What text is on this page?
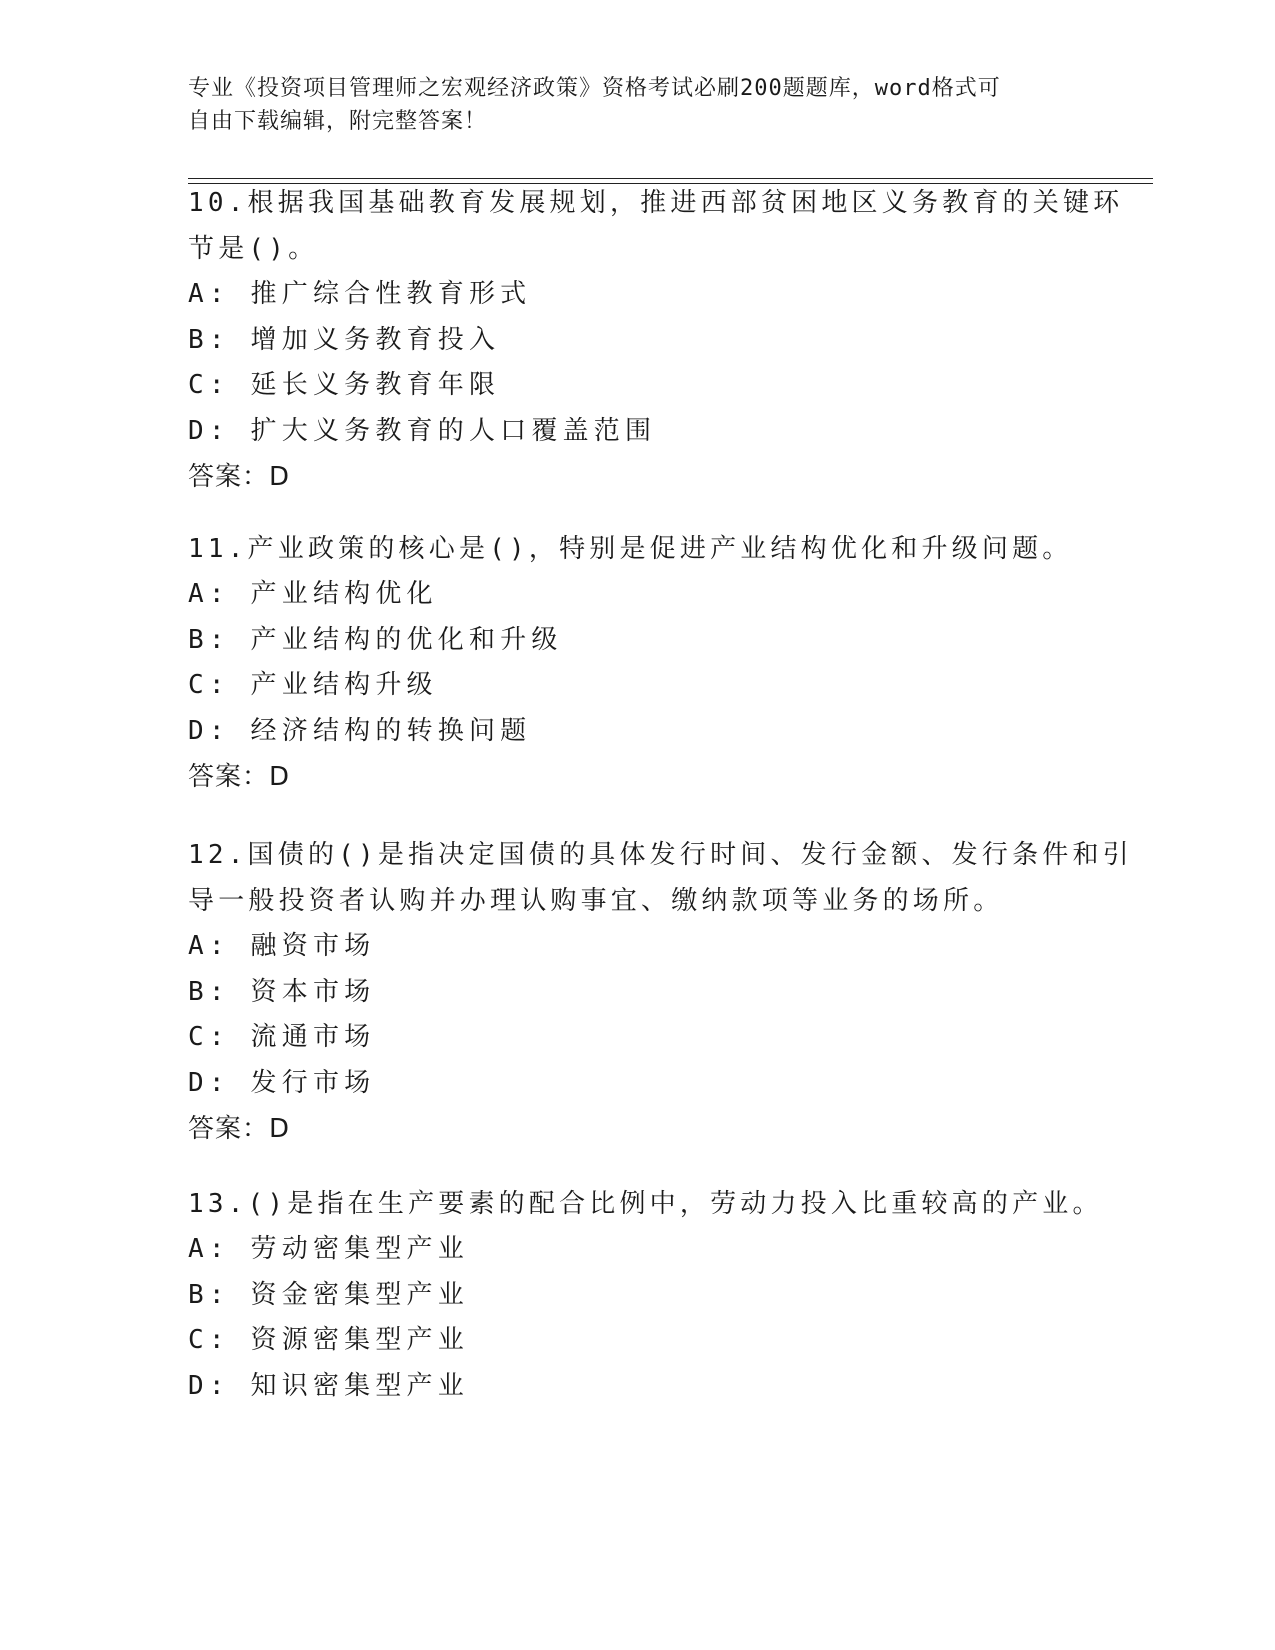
专业《投资项目管理师之宏观经济政策》资格考试必刷200题题库，word格式可
自由下载编辑，附完整答案！
10.根据我国基础教育发展规划，推进西部贫困地区义务教育的关键环
节是()。
A: 推广综合性教育形式
B: 增加义务教育投入
C: 延长义务教育年限
D: 扩大义务教育的人口覆盖范围
答案：D
11.产业政策的核心是()，特别是促进产业结构优化和升级问题。
A: 产业结构优化
B: 产业结构的优化和升级
C: 产业结构升级
D: 经济结构的转换问题
答案：D
12.国债的()是指决定国债的具体发行时间、发行金额、发行条件和引
导一般投资者认购并办理认购事宜、缴纳款项等业务的场所。
A: 融资市场
B: 资本市场
C: 流通市场
D: 发行市场
答案：D
13.()是指在生产要素的配合比例中，劳动力投入比重较高的产业。
A: 劳动密集型产业
B: 资金密集型产业
C: 资源密集型产业
D: 知识密集型产业
